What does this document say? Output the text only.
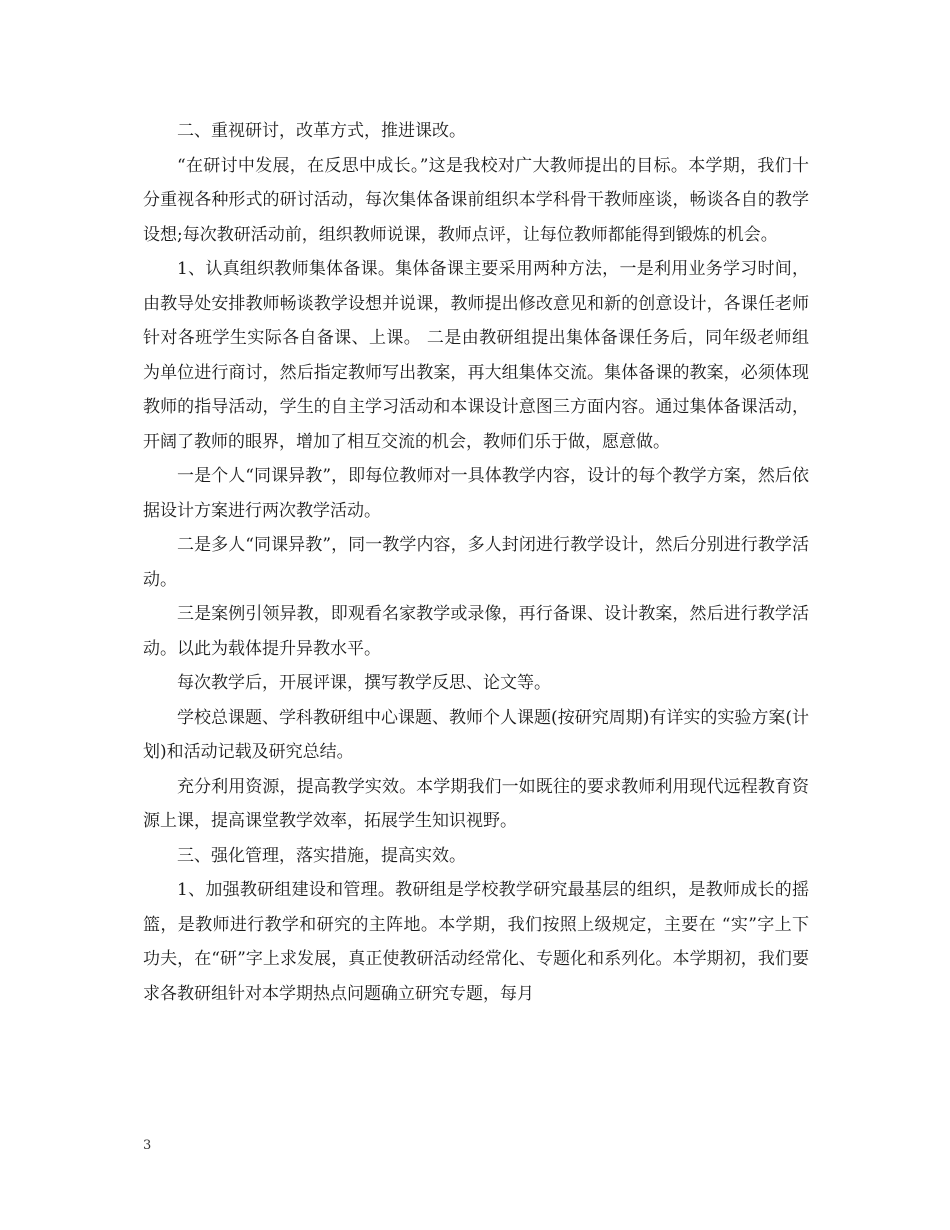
二、重视研讨，改革方式，推进课改。

“在研讨中发展，在反思中成长。”这是我校对广大教师提出的目标。本学期，我们十分重视各种形式的研讨活动，每次集体备课前组织本学科骨干教师座谈，畅谈各自的教学设想;每次教研活动前，组织教师说课，教师点评，让每位教师都能得到锻炼的机会。

1、认真组织教师集体备课。集体备课主要采用两种方法，一是利用业务学习时间，由教导处安排教师畅谈教学设想并说课，教师提出修改意见和新的创意设计，各课任老师针对各班学生实际各自备课、上课。 二是由教研组提出集体备课任务后，同年级老师组为单位进行商讨，然后指定教师写出教案，再大组集体交流。集体备课的教案，必须体现教师的指导活动，学生的自主学习活动和本课设计意图三方面内容。通过集体备课活动，开阔了教师的眼界，增加了相互交流的机会，教师们乐于做，愿意做。

一是个人“同课异教”，即每位教师对一具体教学内容，设计的每个教学方案，然后依据设计方案进行两次教学活动。

二是多人“同课异教”，同一教学内容，多人封闭进行教学设计，然后分别进行教学活动。

三是案例引领异教，即观看名家教学或录像，再行备课、设计教案，然后进行教学活动。以此为载体提升异教水平。

每次教学后，开展评课，撰写教学反思、论文等。

学校总课题、学科教研组中心课题、教师个人课题(按研究周期)有详实的实验方案(计划)和活动记载及研究总结。

充分利用资源，提高教学实效。本学期我们一如既往的要求教师利用现代远程教育资源上课，提高课堂教学效率，拓展学生知识视野。

三、强化管理，落实措施，提高实效。

1、加强教研组建设和管理。教研组是学校教学研究最基层的组织，是教师成长的摇篮，是教师进行教学和研究的主阵地。本学期，我们按照上级规定，主要在 “实”字上下功夫，在“研”字上求发展，真正使教研活动经常化、专题化和系列化。本学期初，我们要求各教研组针对本学期热点问题确立研究专题，每月

3
